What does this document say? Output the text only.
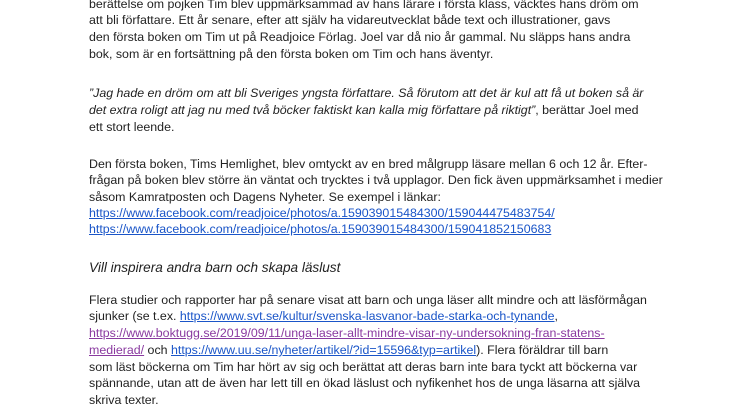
berättelse om pojken Tim blev uppmärksammad av hans lärare i första klass, väcktes hans dröm om
att bli författare. Ett år senare, efter att själv ha vidareutvecklat både text och illustrationer, gavs
den första boken om Tim ut på Readjoice Förlag. Joel var då nio år gammal. Nu släpps hans andra
bok, som är en fortsättning på den första boken om Tim och hans äventyr.
”Jag hade en dröm om att bli Sveriges yngsta författare. Så förutom att det är kul att få ut boken så är
det extra roligt att jag nu med två böcker faktiskt kan kalla mig författare på riktigt”, berättar Joel med
ett stort leende.
Den första boken, Tims Hemlighet, blev omtyckt av en bred målgrupp läsare mellan 6 och 12 år. Efter-
frågan på boken blev större än väntat och trycktes i två upplagor. Den fick även uppmärksamhet i medier
såsom Kamratposten och Dagens Nyheter. Se exempel i länkar:
https://www.facebook.com/readjoice/photos/a.159039015484300/159044475483754/
https://www.facebook.com/readjoice/photos/a.159039015484300/159041852150683
Vill inspirera andra barn och skapa läslust
Flera studier och rapporter har på senare visat att barn och unga läser allt mindre och att läsförmågan
sjunker (se t.ex. https://www.svt.se/kultur/svenska-lasvanor-bade-starka-och-tynande,
https://www.boktugg.se/2019/09/11/unga-laser-allt-mindre-visar-ny-undersokning-fran-statens-
medierad/ och https://www.uu.se/nyheter/artikel/?id=15596&typ=artikel). Flera föräldrar till barn
som läst böckerna om Tim har hört av sig och berättat att deras barn inte bara tyckt att böckerna var
spännande, utan att de även har lett till en ökad läslust och nyfikenhet hos de unga läsarna att själva
skriva texter.
